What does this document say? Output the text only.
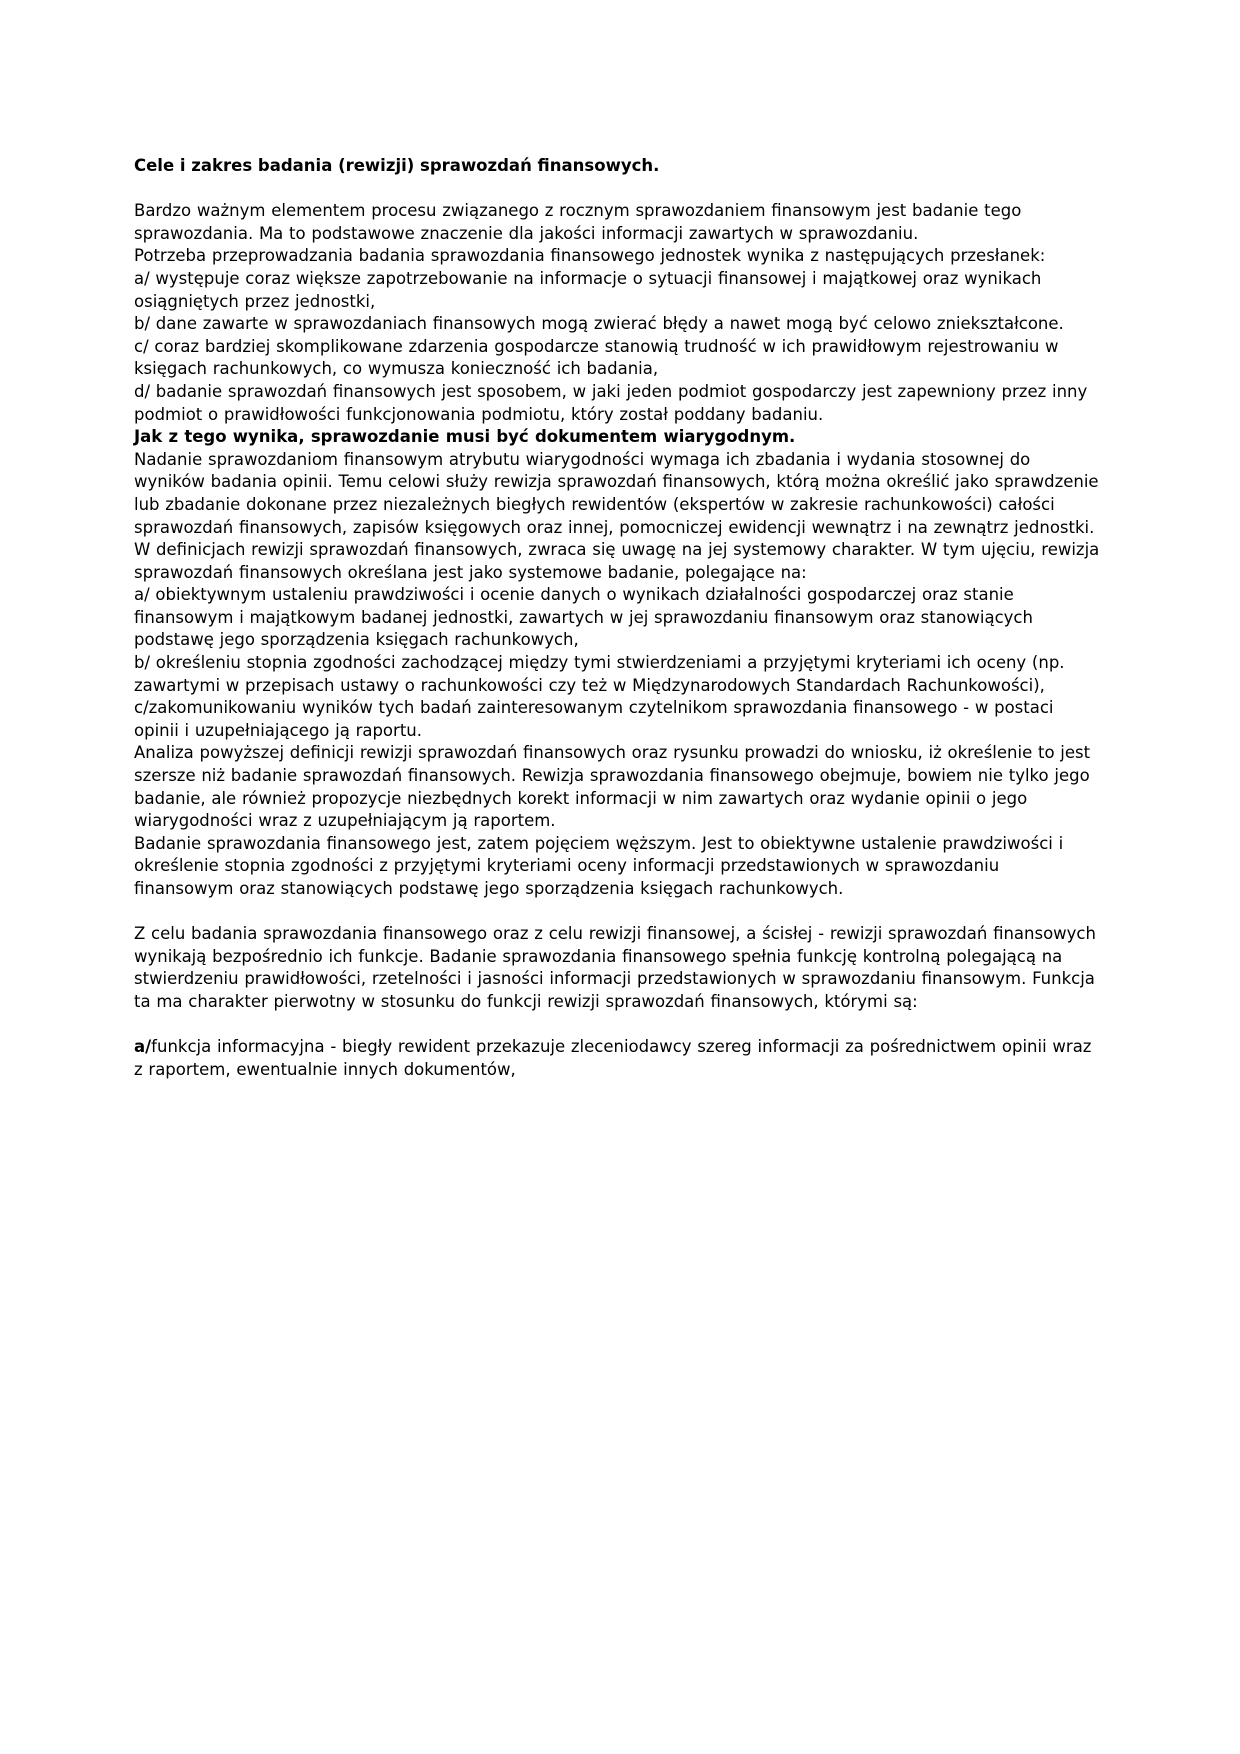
Cele i zakres badania (rewizji) sprawozdań finansowych.

Bardzo ważnym elementem procesu związanego z rocznym sprawozdaniem finansowym jest badanie tego sprawozdania. Ma to podstawowe znaczenie dla jakości informacji zawartych w sprawozdaniu.

Potrzeba przeprowadzania badania sprawozdania finansowego jednostek wynika z następujących przesłanek:

a/ występuje coraz większe zapotrzebowanie na informacje o sytuacji finansowej i majątkowej oraz wynikach osiągniętych przez jednostki,

b/ dane zawarte w sprawozdaniach finansowych mogą zwierać błędy a nawet mogą być celowo zniekształcone.

c/ coraz bardziej skomplikowane zdarzenia gospodarcze stanowią trudność w ich prawidłowym rejestrowaniu w księgach rachunkowych, co wymusza konieczność ich badania,

d/ badanie sprawozdań finansowych jest sposobem, w jaki jeden podmiot gospodarczy jest zapewniony przez inny podmiot o prawidłowości funkcjonowania podmiotu, który został poddany badaniu.

Jak z tego wynika, sprawozdanie musi być dokumentem wiarygodnym.

Nadanie sprawozdaniom finansowym atrybutu wiarygodności wymaga ich zbadania i wydania stosownej do wyników badania opinii. Temu celowi służy rewizja sprawozdań finansowych, którą można określić jako sprawdzenie lub zbadanie dokonane przez niezależnych biegłych rewidentów (ekspertów w zakresie rachunkowości) całości sprawozdań finansowych, zapisów księgowych oraz innej, pomocniczej ewidencji wewnątrz i na zewnątrz jednostki.

W definicjach rewizji sprawozdań finansowych, zwraca się uwagę na jej systemowy charakter. W tym ujęciu, rewizja sprawozdań finansowych określana jest jako systemowe badanie, polegające na:

a/ obiektywnym ustaleniu prawdziwości i ocenie danych o wynikach działalności gospodarczej oraz stanie finansowym i majątkowym badanej jednostki, zawartych w jej sprawozdaniu finansowym oraz stanowiących podstawę jego sporządzenia księgach rachunkowych,

b/ określeniu stopnia zgodności zachodzącej między tymi stwierdzeniami a przyjętymi kryteriami ich oceny (np. zawartymi w przepisach ustawy o rachunkowości czy też w Międzynarodowych Standardach Rachunkowości),

c/zakomunikowaniu wyników tych badań zainteresowanym czytelnikom sprawozdania finansowego - w postaci opinii i uzupełniającego ją raportu.

Analiza powyższej definicji rewizji sprawozdań finansowych oraz rysunku prowadzi do wniosku, iż określenie to jest szersze niż badanie sprawozdań finansowych. Rewizja sprawozdania finansowego obejmuje, bowiem nie tylko jego badanie, ale również propozycje niezbędnych korekt informacji w nim zawartych oraz wydanie opinii o jego wiarygodności wraz z uzupełniającym ją raportem.

Badanie sprawozdania finansowego jest, zatem pojęciem węższym. Jest to obiektywne ustalenie prawdziwości i określenie stopnia zgodności z przyjętymi kryteriami oceny informacji przedstawionych w sprawozdaniu finansowym oraz stanowiących podstawę jego sporządzenia księgach rachunkowych.

Z celu badania sprawozdania finansowego oraz z celu rewizji finansowej, a ścisłej - rewizji sprawozdań finansowych wynikają bezpośrednio ich funkcje. Badanie sprawozdania finansowego spełnia funkcję kontrolną polegającą na stwierdzeniu prawidłowości, rzetelności i jasności informacji przedstawionych w sprawozdaniu finansowym. Funkcja ta ma charakter pierwotny w stosunku do funkcji rewizji sprawozdań finansowych, którymi są:

a/funkcja informacyjna - biegły rewident przekazuje zleceniodawcy szereg informacji za pośrednictwem opinii wraz z raportem, ewentualnie innych dokumentów,
